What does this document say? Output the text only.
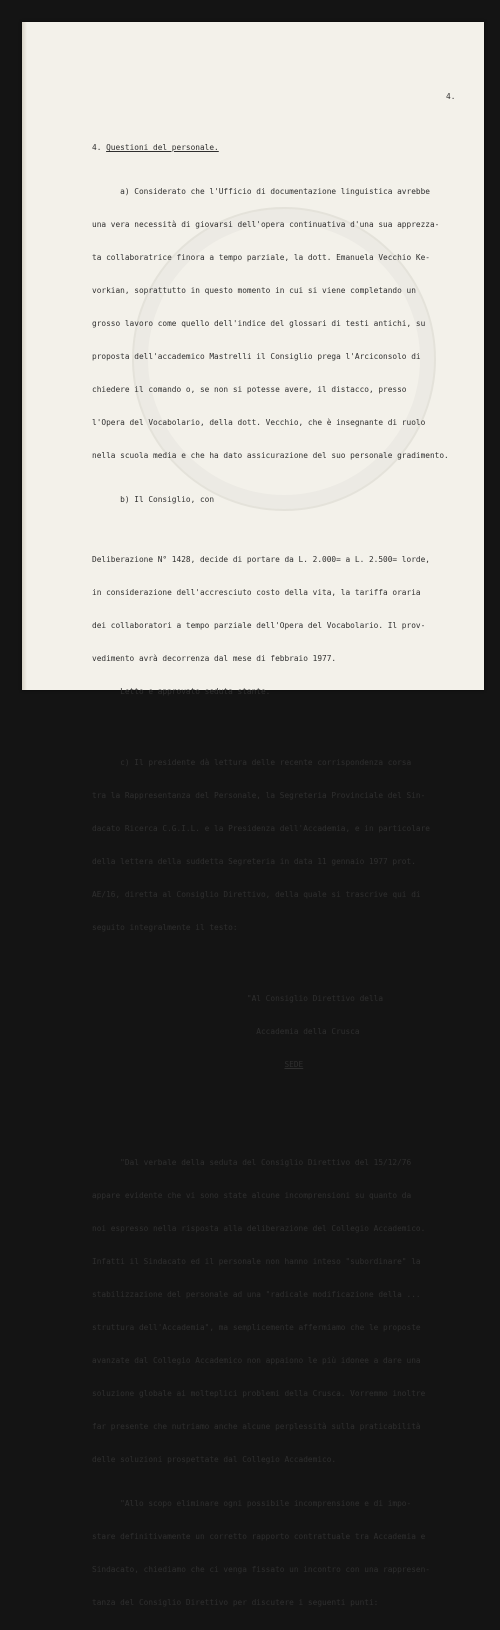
4.

4. Questioni del personale.

a) Considerato che l'Ufficio di documentazione linguistica avrebbe

una vera necessità di giovarsi dell'opera continuativa d'una sua apprezza-

ta collaboratrice finora a tempo parziale, la dott. Emanuela Vecchio Ke-

vorkian, soprattutto in questo momento in cui si viene completando un

grosso lavoro come quello dell'indice del glossari di testi antichi, su

proposta dell'accademico Mastrelli il Consiglio prega l'Arciconsolo di

chiedere il comando o, se non si potesse avere, il distacco, presso

l'Opera del Vocabolario, della dott. Vecchio, che è insegnante di ruolo

nella scuola media e che ha dato assicurazione del suo personale gradimento.

b) Il Consiglio, con

Deliberazione N° 1428, decide di portare da L. 2.000= a L. 2.500= lorde,

in considerazione dell'accresciuto costo della vita, la tariffa oraria

dei collaboratori a tempo parziale dell'Opera del Vocabolario. Il prov-

vedimento avrà decorrenza dal mese di febbraio 1977.

Letto e approvato seduta stante.

c) Il presidente dà lettura delle recente corrispondenza corsa

tra la Rappresentanza del Personale, la Segreteria Provinciale del Sin-

dacato Ricerca C.G.I.L. e la Presidenza dell'Accademia, e in particolare

della lettera della suddetta Segreteria in data 11 gennaio 1977 prot.

AE/16, diretta al Consiglio Direttivo, della quale si trascrive qui di

seguito integralmente il testo:

"Al Consiglio Direttivo della

Accademia della Crusca

SEDE

"Dal verbale della seduta del Consiglio Direttivo del 15/12/76

appare evidente che vi sono state alcune incomprensioni su quanto da

noi espresso nella risposta alla deliberazione del Collegio Accademico.

Infatti il Sindacato ed il personale non hanno inteso "subordinare" la

stabilizzazione del personale ad una "radicale modificazione della ...

struttura dell'Accademia", ma semplicemente affermiamo che le proposte

avanzate dal Collegio Accademico non appaiono le più idonee a dare una

soluzione globale ai molteplici problemi della Crusca. Vorremmo inoltre

far presente che nutriamo anche alcune perplessità sulla praticabilità

delle soluzioni prospettate dal Collegio Accademico.

"Allo scopo eliminare ogni possibile incomprensione e di impo-

stare definitivamente un corretto rapporto contrattuale tra Accademia e

Sindacato, chiediamo che ci venga fissato un incontro con una rappresen-

tanza del Consiglio Direttivo per discutere i seguenti punti:
